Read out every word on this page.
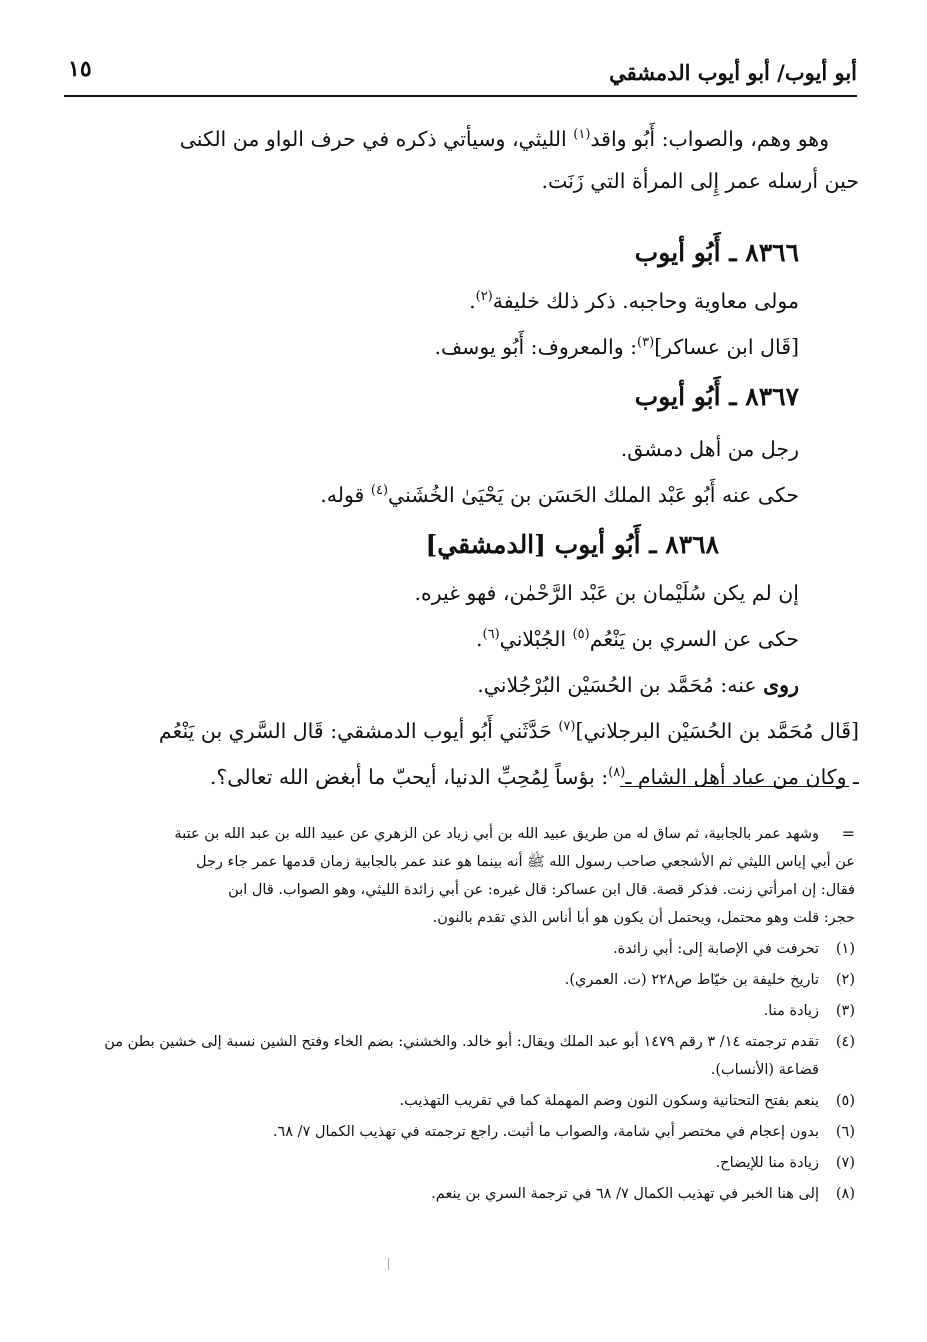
أبو أيوب/ أبو أيوب الدمشقي
١٥
وهو وهم، والصواب: أَبُو واقد$^{(١)}$ الليثي، وسيأتي ذكره في حرف الواو من الكنى
حين أرسله عمر إِلى المرأة التي زَنَت.
٨٣٦٦ ـ أَبُو أيوب
مولى معاوية وحاجبه. ذكر ذلك خليفة$^{(٢)}$.
[قَال ابن عساكر]$^{(٣)}$: والمعروف: أَبُو يوسف.
٨٣٦٧ ـ أَبُو أيوب
رجل من أهل دمشق.
حكى عنه أَبُو عَبْد الملك الحَسَن بن يَحْيَىٰ الخُشَني$^{(٤)}$ قوله.
٨٣٦٨ ـ أَبُو أيوب [الدمشقي]
إن لم يكن سُلَيْمان بن عَبْد الرَّحْمٰن، فهو غيره.
حكى عن السري بن يَنْعُم$^{(٥)}$ الجُبْلاني$^{(٦)}$.
روى عنه: مُحَمَّد بن الحُسَيْن البُرْجُلاني.
[قَال مُحَمَّد بن الحُسَيْن البرجلاني]$^{(٧)}$ حَدَّثَني أَبُو أيوب الدمشقي: قَال السَّري بن يَنْعُم
ـ وكان من عباد أهل الشام ـ$^{(٨)}$: بؤساً لِمُحِبِّ الدنيا، أيحبّ ما أبغض الله تعالى؟.
=
وشهد عمر بالجابية، ثم ساق له من طريق عبيد الله بن أبي زياد عن الزهري عن عبيد الله بن عبد الله بن عتبة
عن أبي إياس الليثي ثم الأشجعي صاحب رسول الله ﷺ أنه بينما هو عند عمر بالجابية زمان قدمها عمر جاء رجل
فقال: إن امرأتي زنت. فذكر قصة. قال ابن عساكر: قال غيره: عن أبي زائدة الليثي، وهو الصواب. قال ابن
حجر: قلت وهو محتمل، ويحتمل أن يكون هو أبا أناس الذي تقدم بالنون.
(١)
تحرفت في الإصابة إلى: أبي زائدة.
(٢)
تاريخ خليفة بن خيّاط ص٢٢٨ (ت. العمري).
(٣)
زيادة منا.
(٤)
تقدم ترجمته ١٤/ ٣ رقم ١٤٧٩ أبو عبد الملك ويقال: أبو خالد. والخشني: بضم الخاء وفتح الشين نسبة إلى خشين بطن من قضاعة (الأنساب).
(٥)
ينعم بفتح التحتانية وسكون النون وضم المهملة كما في تقريب التهذيب.
(٦)
بدون إعجام في مختصر أبي شامة، والصواب ما أثبت. راجع ترجمته في تهذيب الكمال ٧/ ٦٨.
(٧)
زيادة منا للإيضاح.
(٨)
إلى هنا الخبر في تهذيب الكمال ٧/ ٦٨ في ترجمة السري بن ينعم.
